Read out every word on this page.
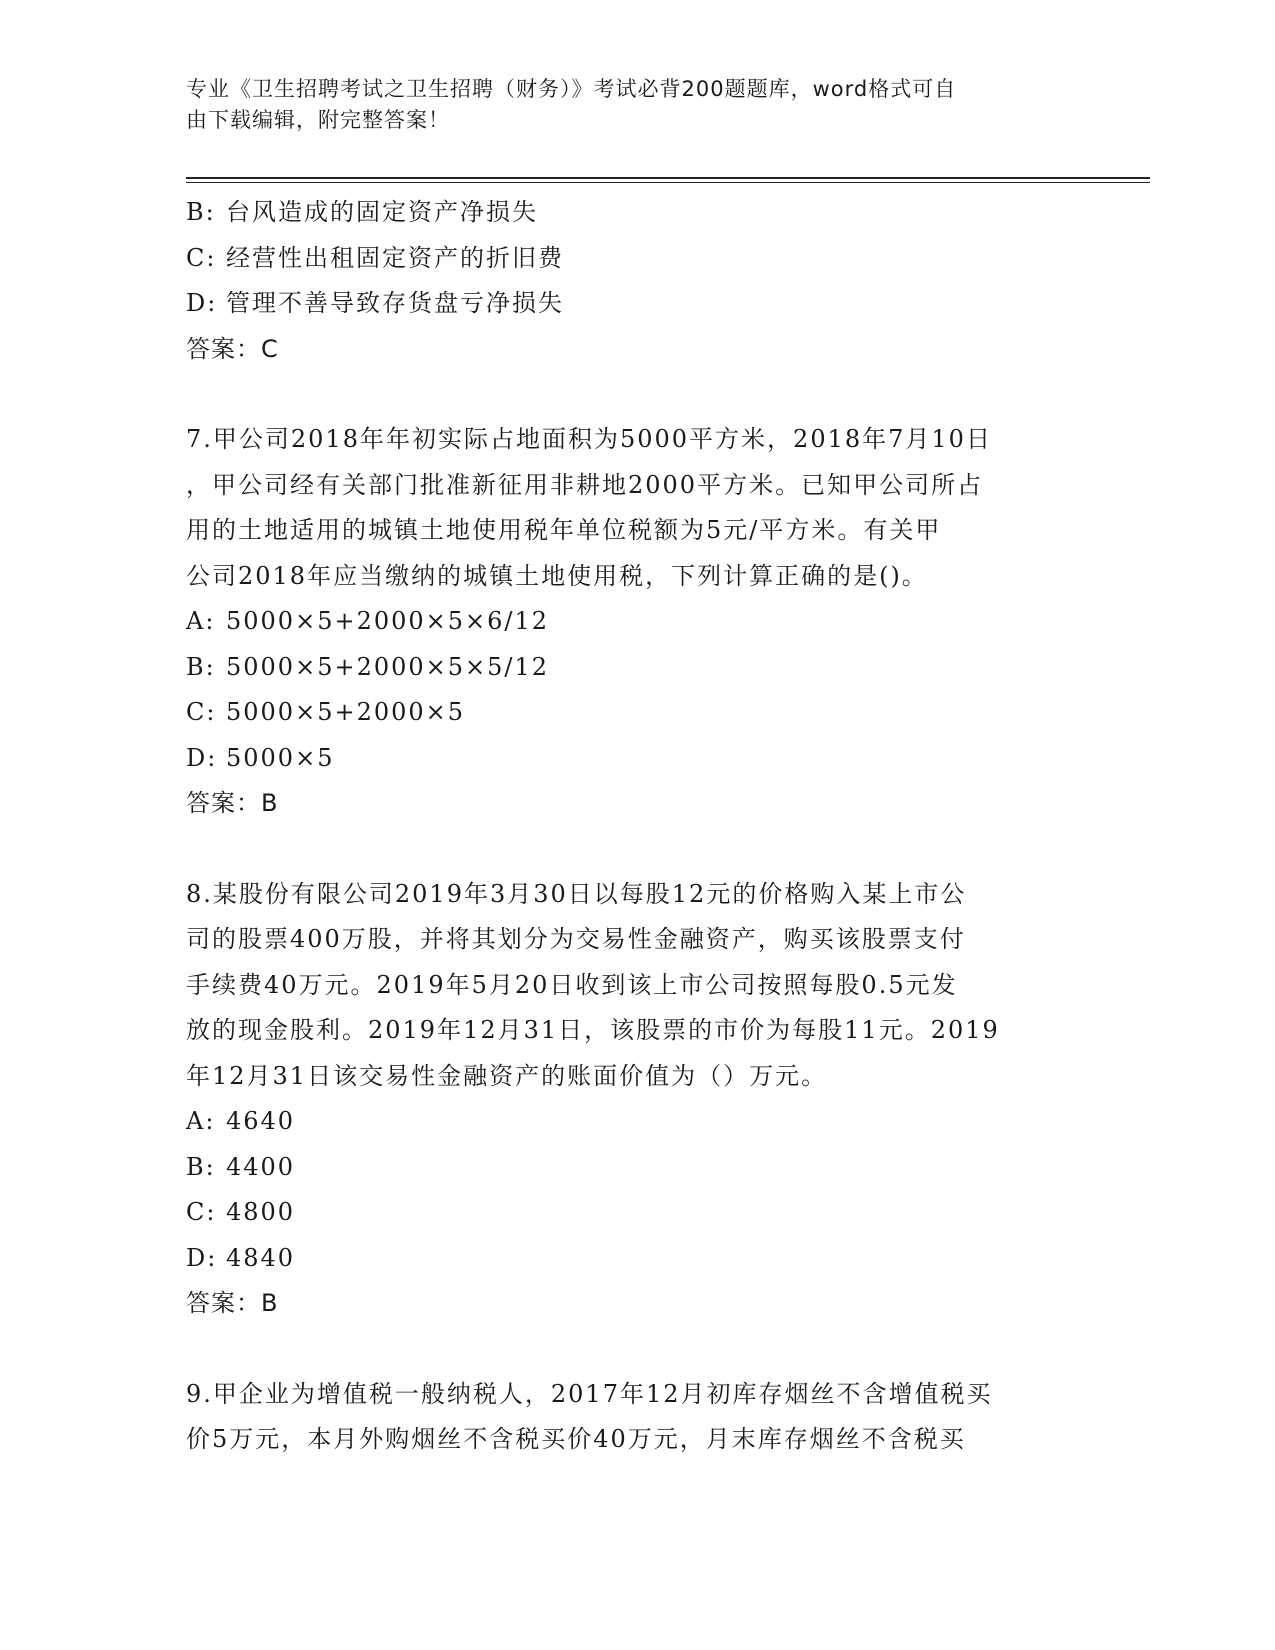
专业《卫生招聘考试之卫生招聘（财务）》考试必背200题题库，word格式可自
由下载编辑，附完整答案！
B: 台风造成的固定资产净损失
C: 经营性出租固定资产的折旧费
D: 管理不善导致存货盘亏净损失
答案：C
7.甲公司2018年年初实际占地面积为5000平方米，2018年7月10日
，甲公司经有关部门批准新征用非耕地2000平方米。已知甲公司所占
用的土地适用的城镇土地使用税年单位税额为5元/平方米。有关甲
公司2018年应当缴纳的城镇土地使用税，下列计算正确的是()。
A: 5000×5+2000×5×6/12
B: 5000×5+2000×5×5/12
C: 5000×5+2000×5
D: 5000×5
答案：B
8.某股份有限公司2019年3月30日以每股12元的价格购入某上市公
司的股票400万股，并将其划分为交易性金融资产，购买该股票支付
手续费40万元。2019年5月20日收到该上市公司按照每股0.5元发
放的现金股利。2019年12月31日，该股票的市价为每股11元。2019
年12月31日该交易性金融资产的账面价值为（）万元。
A: 4640
B: 4400
C: 4800
D: 4840
答案：B
9.甲企业为增值税一般纳税人，2017年12月初库存烟丝不含增值税买
价5万元，本月外购烟丝不含税买价40万元，月末库存烟丝不含税买
